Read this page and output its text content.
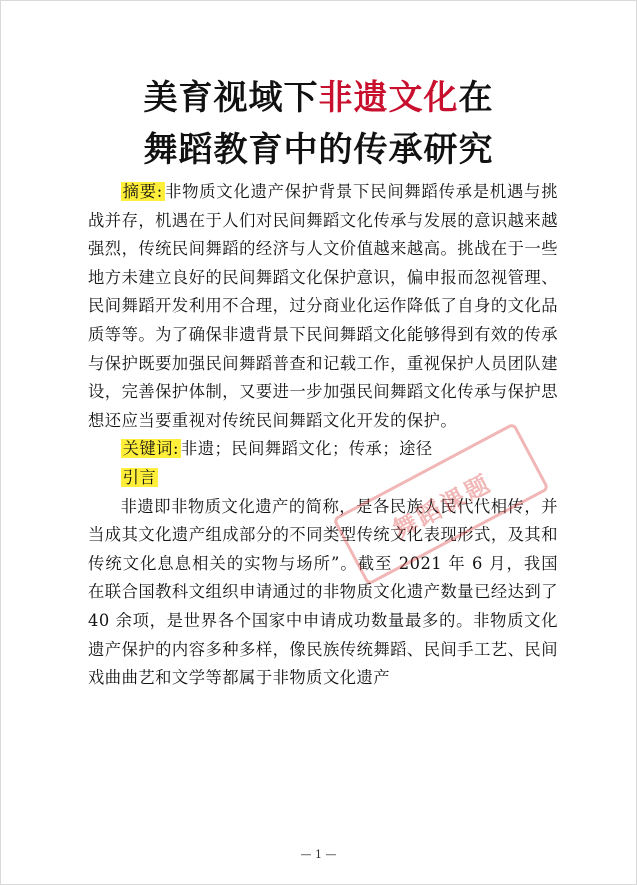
美育视域下非遗文化在
舞蹈教育中的传承研究

摘要: 非物质文化遗产保护背景下民间舞蹈传承是机遇与挑战并存，机遇在于人们对民间舞蹈文化传承与发展的意识越来越强烈，传统民间舞蹈的经济与人文价值越来越高。挑战在于一些地方未建立良好的民间舞蹈文化保护意识，偏申报而忽视管理、民间舞蹈开发利用不合理，过分商业化运作降低了自身的文化品质等等。为了确保非遗背景下民间舞蹈文化能够得到有效的传承与保护既要加强民间舞蹈普查和记载工作，重视保护人员团队建设，完善保护体制，又要进一步加强民间舞蹈文化传承与保护思想还应当要重视对传统民间舞蹈文化开发的保护。

关键词: 非遗；民间舞蹈文化；传承；途径

引言

非遗即非物质文化遗产的简称，是各民族人民代代相传，并当成其文化遗产组成部分的不同类型传统文化表现形式，及其和传统文化息息相关的实物与场所”。截至 2021 年 6 月，我国在联合国教科文组织申请通过的非物质文化遗产数量已经达到了 40 余项，是世界各个国家中申请成功数量最多的。非物质文化遗产保护的内容多种多样，像民族传统舞蹈、民间手工艺、民间戏曲曲艺和文学等都属于非物质文化遗产

舞蹈课题
— 1 —
